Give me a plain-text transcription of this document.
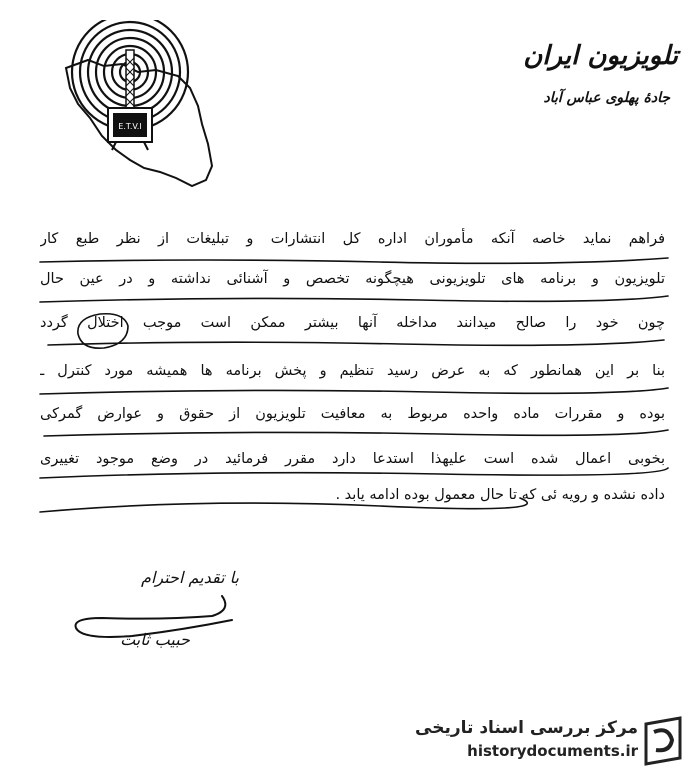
E.T.V.I
تلویزیون ایران
جادۀ پهلوی عباس آباد
فراهم نماید خاصه آنکه مأموران اداره کل انتشارات و تبلیغات از نظر طبع کار
تلویزیون و برنامه های تلویزیونی هیچگونه تخصص و آشنائی نداشته و در عین حال
چون خود را صالح میدانند مداخله آنها بیشتر ممکن است موجب اختلال گردد
بنا بر این همانطور که به عرض رسید تنظیم و پخش برنامه ها همیشه مورد کنترل ـ
بوده و مقررات ماده واحده مربوط به معافیت تلویزیون از حقوق و عوارض گمرکی
بخوبی اعمال شده است علیهذا استدعا دارد مقرر فرمائید در وضع موجود تغییری
داده نشده و رویه ئی که تا حال معمول بوده ادامه یابد .
با تقدیم احترام
حبیب ثابت
مرکز بررسی اسناد تاریخی
historydocuments.ir
